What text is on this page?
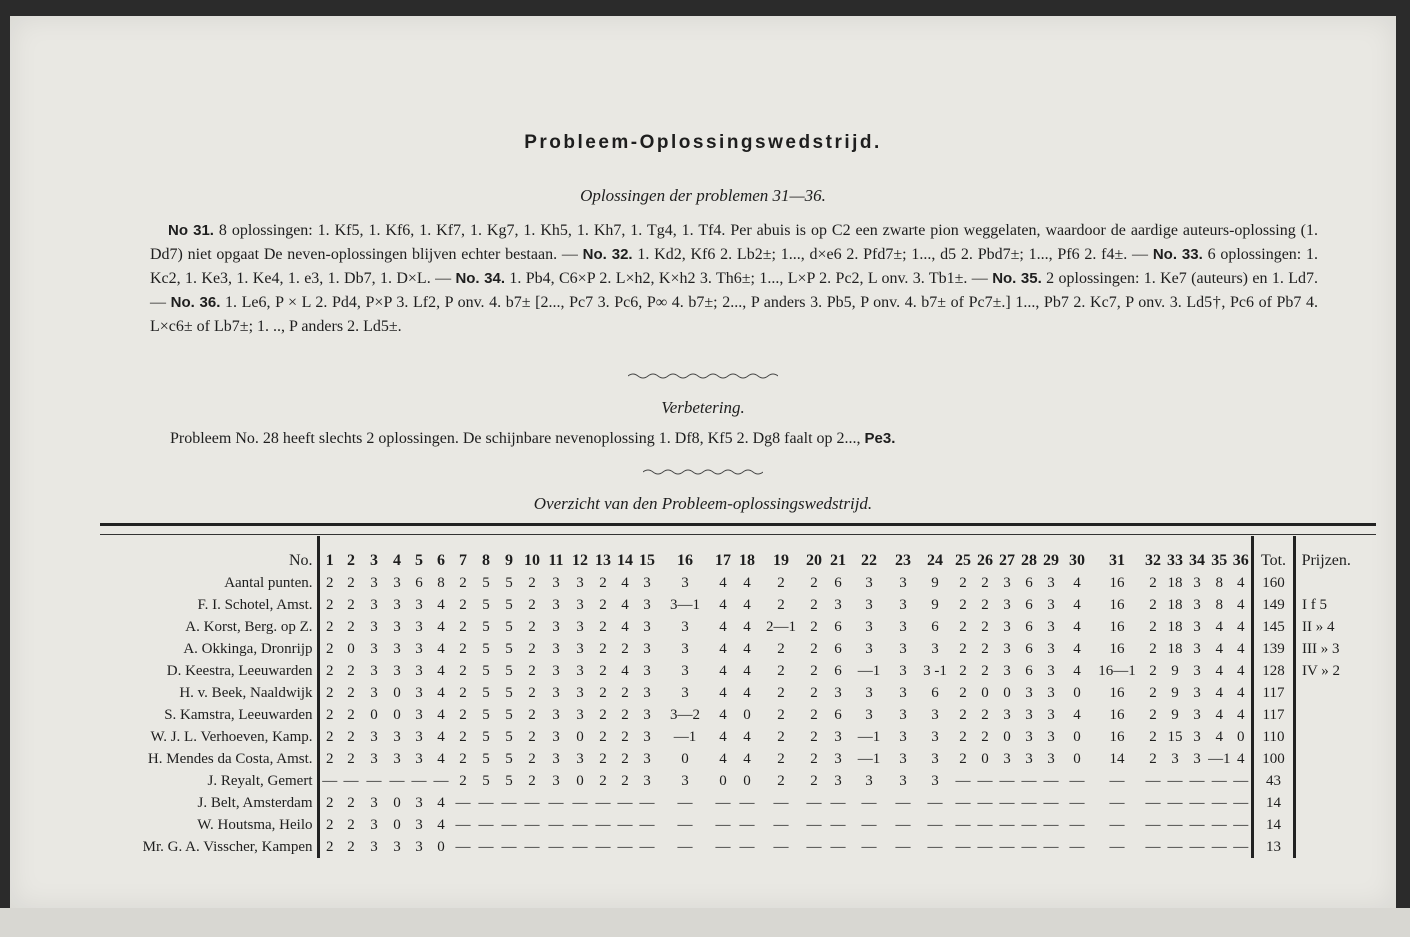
Probleem-Oplossingswedstrijd.
Oplossingen der problemen 31—36.

No 31. 8 oplossingen: 1. Kf5, 1. Kf6, 1. Kf7, 1. Kg7, 1. Kh5, 1. Kh7, 1. Tg4, 1. Tf4. Per abuis is op C2 een zwarte pion weggelaten, waardoor de aardige auteurs-oplossing (1. Dd7) niet opgaat De neven-oplossingen blijven echter bestaan. — No. 32. 1. Kd2, Kf6 2. Lb2±; 1..., d×e6 2. Pfd7±; 1..., d5 2. Pbd7±; 1..., Pf6 2. f4±. — No. 33. 6 oplossingen: 1. Kc2, 1. Ke3, 1. Ke4, 1. e3, 1. Db7, 1. D×L. — No. 34. 1. Pb4, C6×P 2. L×h2, K×h2 3. Th6±; 1..., L×P 2. Pc2, L onv. 3. Tb1±. — No. 35. 2 oplossingen: 1. Ke7 (auteurs) en 1. Ld7. — No. 36. 1. Le6, P × L 2. Pd4, P×P 3. Lf2, P onv. 4. b7± [2..., Pc7 3. Pc6, P∞ 4. b7±; 2..., P anders 3. Pb5, P onv. 4. b7± of Pc7±.] 1..., Pb7 2. Kc7, P onv. 3. Ld5†, Pc6 of Pb7 4. L×c6± of Lb7±; 1. .., P anders 2. Ld5±.

Verbetering.
Probleem No. 28 heeft slechts 2 oplossingen. De schijnbare nevenoplossing 1. Df8, Kf5 2. Dg8 faalt op 2..., Pe3.
Overzicht van den Probleem-oplossingswedstrijd.
No.	1	2	3	4	5	6	7	8	9	10	11	12	13	14	15	16	17	18	19	20	21	22	23	24	25	26	27	28	29	30	31	32	33	34	35	36	Tot.	Prijzen.
Aantal punten.	2	2	3	3	6	8	2	5	5	2	3	3	2	4	3	3	4	4	2	2	6	3	3	9	2	2	3	6	3	4	16	2	18	3	8	4	160	
F. I. Schotel, Amst.	2	2	3	3	3	4	2	5	5	2	3	3	2	4	3	3—1	4	4	2	2	3	3	3	9	2	2	3	6	3	4	16	2	18	3	8	4	149	I f 5
A. Korst, Berg. op Z.	2	2	3	3	3	4	2	5	5	2	3	3	2	4	3	3	4	4	2—1	2	6	3	3	6	2	2	3	6	3	4	16	2	18	3	4	4	145	II » 4
A. Okkinga, Dronrijp	2	0	3	3	3	4	2	5	5	2	3	3	2	2	3	3	4	4	2	2	6	3	3	3	2	2	3	6	3	4	16	2	18	3	4	4	139	III » 3
D. Keestra, Leeuwarden	2	2	3	3	3	4	2	5	5	2	3	3	2	4	3	3	4	4	2	2	6	—1	3	3 -1	2	2	3	6	3	4	16—1	2	9	3	4	4	128	IV » 2
H. v. Beek, Naaldwijk	2	2	3	0	3	4	2	5	5	2	3	3	2	2	3	3	4	4	2	2	3	3	3	6	2	0	0	3	3	0	16	2	9	3	4	4	117	
S. Kamstra, Leeuwarden	2	2	0	0	3	4	2	5	5	2	3	3	2	2	3	3—2	4	0	2	2	6	3	3	3	2	2	3	3	3	4	16	2	9	3	4	4	117	
W. J. L. Verhoeven, Kamp.	2	2	3	3	3	4	2	5	5	2	3	0	2	2	3	—1	4	4	2	2	3	—1	3	3	2	2	0	3	3	0	16	2	15	3	4	0	110	
H. Mendes da Costa, Amst.	2	2	3	3	3	4	2	5	5	2	3	3	2	2	3	0	4	4	2	2	3	—1	3	3	2	0	3	3	3	0	14	2	3	3	—1	4	100	
J. Reyalt, Gemert	—	—	—	—	—	—	2	5	5	2	3	0	2	2	3	3	0	0	2	2	3	3	3	3	—	—	—	—	—	—	—	—	—	—	—	—	43	
J. Belt, Amsterdam	2	2	3	0	3	4	—	—	—	—	—	—	—	—	—	—	—	—	—	—	—	—	—	—	—	—	—	—	—	—	—	—	—	—	—	—	14	
W. Houtsma, Heilo	2	2	3	0	3	4	—	—	—	—	—	—	—	—	—	—	—	—	—	—	—	—	—	—	—	—	—	—	—	—	—	—	—	—	—	—	14	
Mr. G. A. Visscher, Kampen	2	2	3	3	3	0	—	—	—	—	—	—	—	—	—	—	—	—	—	—	—	—	—	—	—	—	—	—	—	—	—	—	—	—	—	—	13	
